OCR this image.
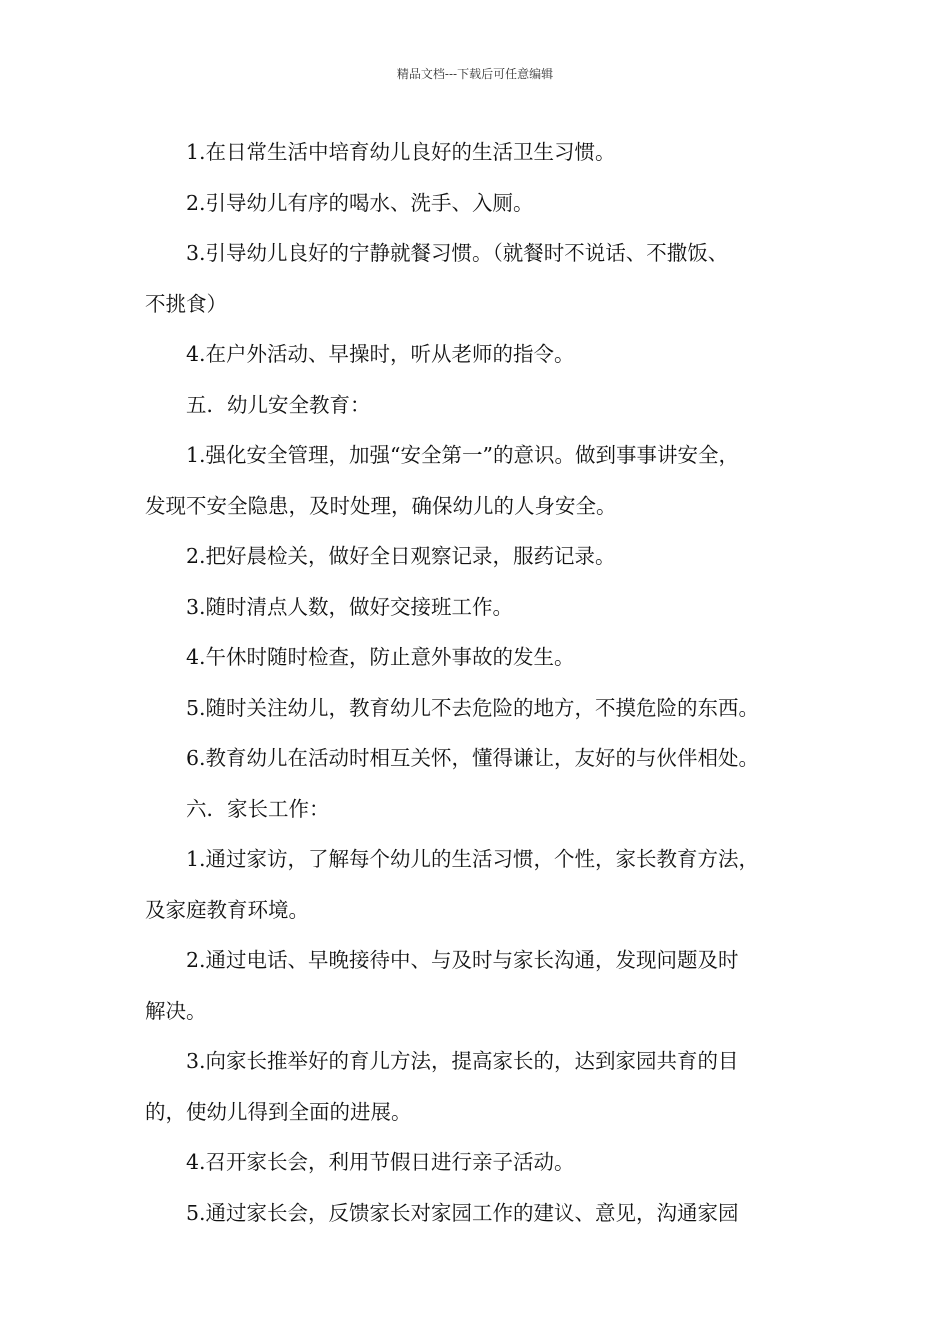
精品文档---下载后可任意编辑

1.在日常生活中培育幼儿良好的生活卫生习惯。

2.引导幼儿有序的喝水、洗手、入厕。

3.引导幼儿良好的宁静就餐习惯。（就餐时不说话、不撒饭、
不挑食）

4.在户外活动、早操时，听从老师的指令。

五．幼儿安全教育：

1.强化安全管理，加强“安全第一”的意识。做到事事讲安全，
发现不安全隐患，及时处理，确保幼儿的人身安全。

2.把好晨检关，做好全日观察记录，服药记录。

3.随时清点人数，做好交接班工作。

4.午休时随时检查，防止意外事故的发生。

5.随时关注幼儿，教育幼儿不去危险的地方，不摸危险的东西。

6.教育幼儿在活动时相互关怀，懂得谦让，友好的与伙伴相处。

六．家长工作：

1.通过家访，了解每个幼儿的生活习惯，个性，家长教育方法，
及家庭教育环境。

2.通过电话、早晚接待中、与及时与家长沟通，发现问题及时
解决。

3.向家长推举好的育儿方法，提高家长的，达到家园共育的目
的，使幼儿得到全面的进展。

4.召开家长会，利用节假日进行亲子活动。

5.通过家长会，反馈家长对家园工作的建议、意见，沟通家园
